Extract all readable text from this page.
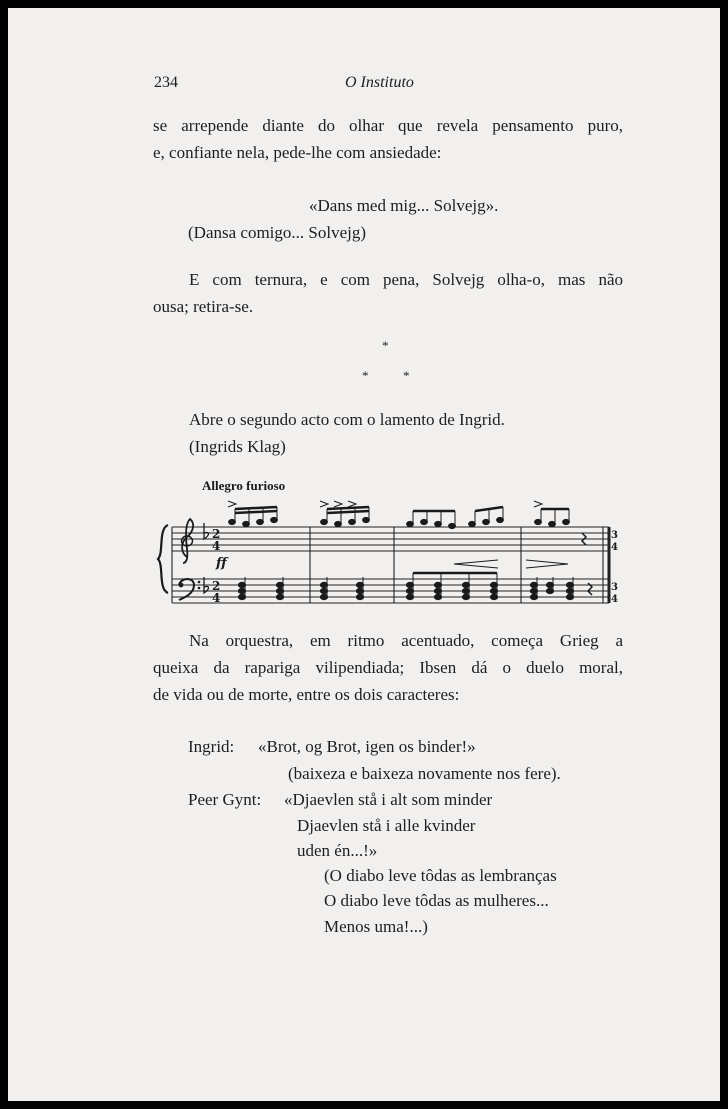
234	O Instituto
se arrepende diante do olhar que revela pensamento puro,
e, confiante nela, pede-lhe com ansiedade:
«Dans med mig... Solvejg».
(Dansa comigo... Solvejg)
E com ternura, e com pena, Solvejg olha-o, mas não
ousa; retira-se.
*
*	*
Abre o segundo acto com o lamento de Ingrid.
(Ingrids Klag)
Allegro furioso
2
4
2
4
3
4
3
4
ff
Na orquestra, em ritmo acentuado, começa Grieg a
queixa da rapariga vilipendiada; Ibsen dá o duelo moral,
de vida ou de morte, entre os dois caracteres:
Ingrid: «Brot, og Brot, igen os binder!»
(baixeza e baixeza novamente nos fere).
Peer Gynt: «Djaevlen stå i alt som minder
Djaevlen stå i alle kvinder
uden én...!»
(O diabo leve tôdas as lembranças
O diabo leve tôdas as mulheres...
Menos uma!...)
